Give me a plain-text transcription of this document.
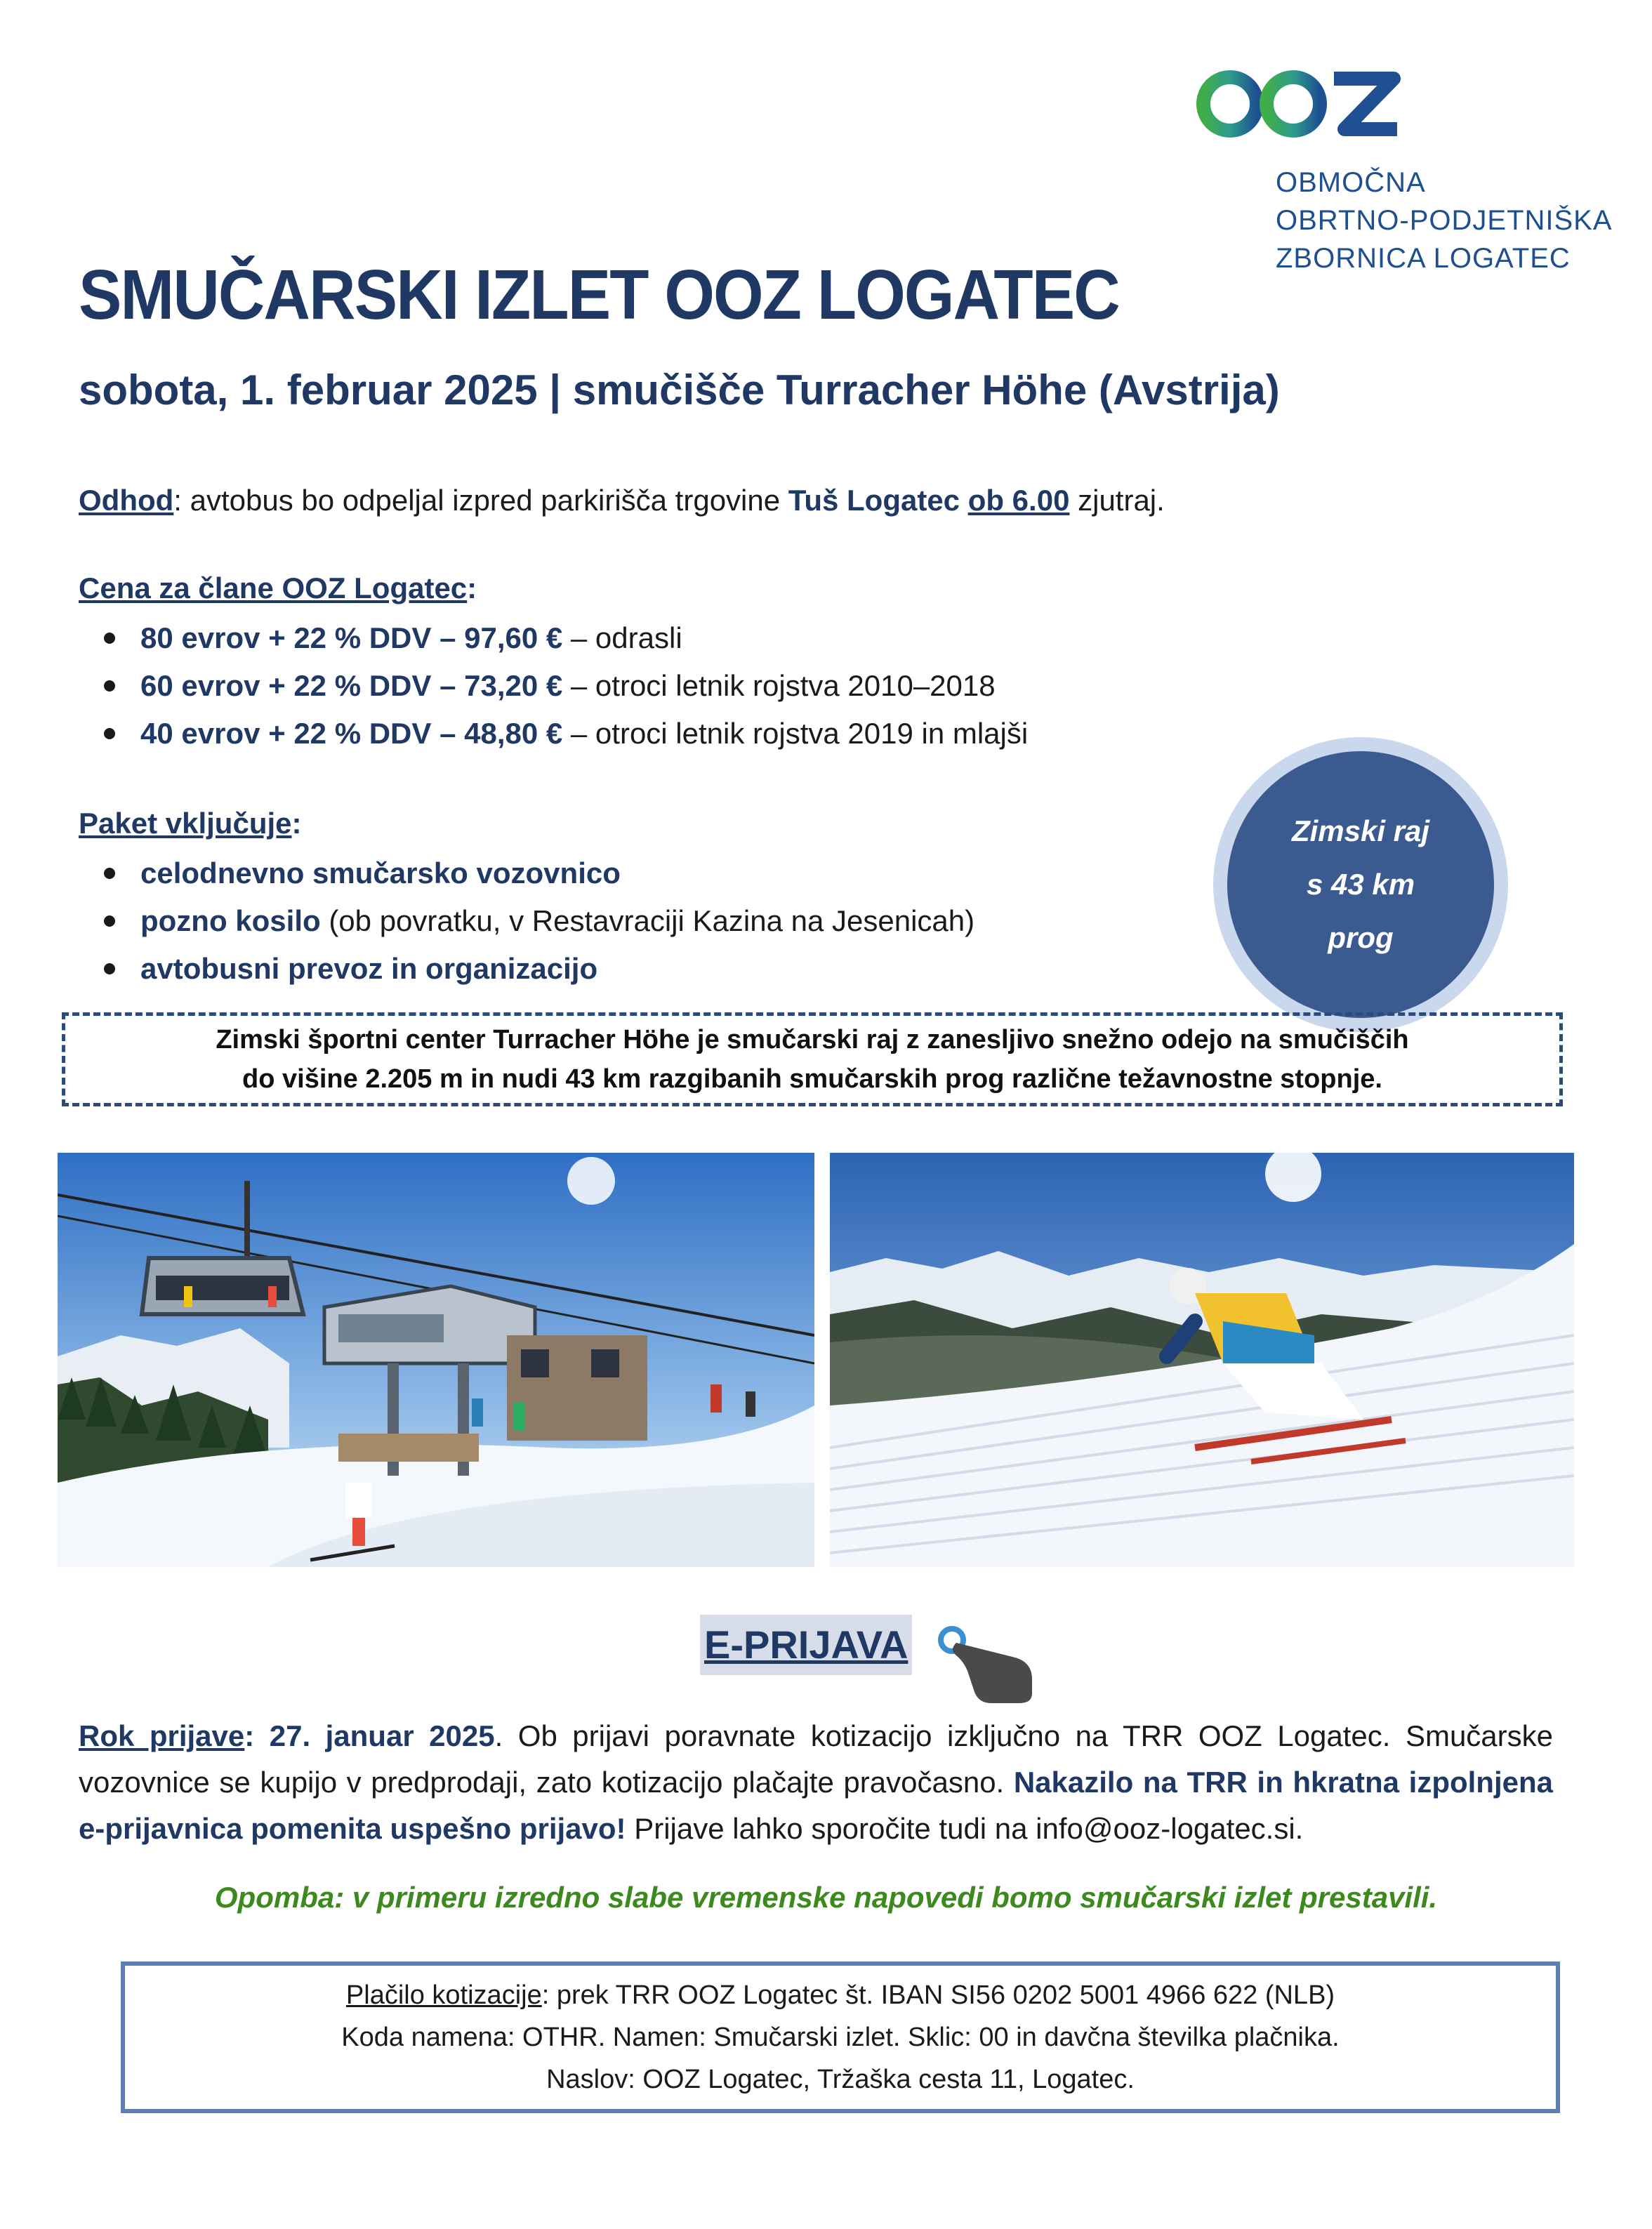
OBMOČNA
OBRTNO-PODJETNIŠKA
ZBORNICA LOGATEC
SMUČARSKI IZLET OOZ LOGATEC
sobota, 1. februar 2025 | smučišče Turracher Höhe (Avstrija)
Odhod: avtobus bo odpeljal izpred parkirišča trgovine Tuš Logatec ob 6.00 zjutraj.
Cena za člane OOZ Logatec:
80 evrov + 22 % DDV – 97,60 € – odrasli
60 evrov + 22 % DDV – 73,20 € – otroci letnik rojstva 2010–2018
40 evrov + 22 % DDV – 48,80 € – otroci letnik rojstva 2019 in mlajši
Paket vključuje:
celodnevno smučarsko vozovnico
pozno kosilo (ob povratku, v Restavraciji Kazina na Jesenicah)
avtobusni prevoz in organizacijo
Zimski raj
s 43 km
prog
Zimski športni center Turracher Höhe je smučarski raj z zanesljivo snežno odejo na smučiščih
do višine 2.205 m in nudi 43 km razgibanih smučarskih prog različne težavnostne stopnje.
E-PRIJAVA
Rok prijave: 27. januar 2025. Ob prijavi poravnate kotizacijo izključno na TRR OOZ Logatec. Smučarske vozovnice se kupijo v predprodaji, zato kotizacijo plačajte pravočasno. Nakazilo na TRR in hkratna izpolnjena e-prijavnica pomenita uspešno prijavo! Prijave lahko sporočite tudi na info@ooz-logatec.si.
Opomba: v primeru izredno slabe vremenske napovedi bomo smučarski izlet prestavili.
Plačilo kotizacije: prek TRR OOZ Logatec št. IBAN SI56 0202 5001 4966 622 (NLB)
Koda namena: OTHR. Namen: Smučarski izlet. Sklic: 00 in davčna številka plačnika.
Naslov: OOZ Logatec, Tržaška cesta 11, Logatec.
